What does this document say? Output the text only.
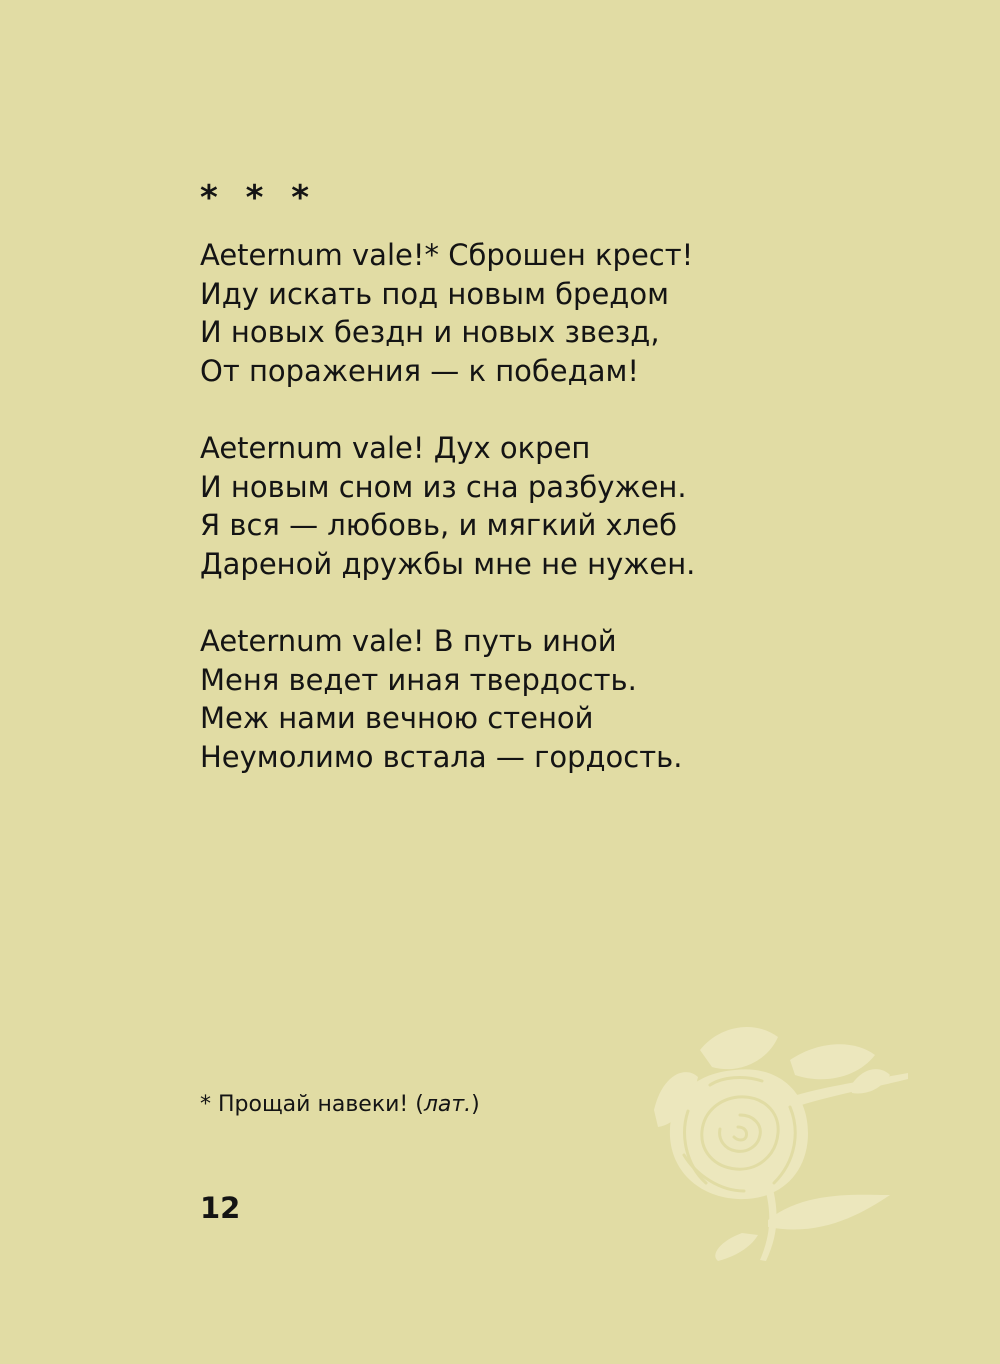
* * *
Aeternum vale!* Сброшен крест!
Иду искать под новым бредом
И новых бездн и новых звезд,
От поражения — к победам!
Aeternum vale! Дух окреп
И новым сном из сна разбужен.
Я вся — любовь, и мягкий хлеб
Дареной дружбы мне не нужен.
Aeternum vale! В путь иной
Меня ведет иная твердость.
Меж нами вечною стеной
Неумолимо встала — гордость.
* Прощай навеки! (лат.)
12
